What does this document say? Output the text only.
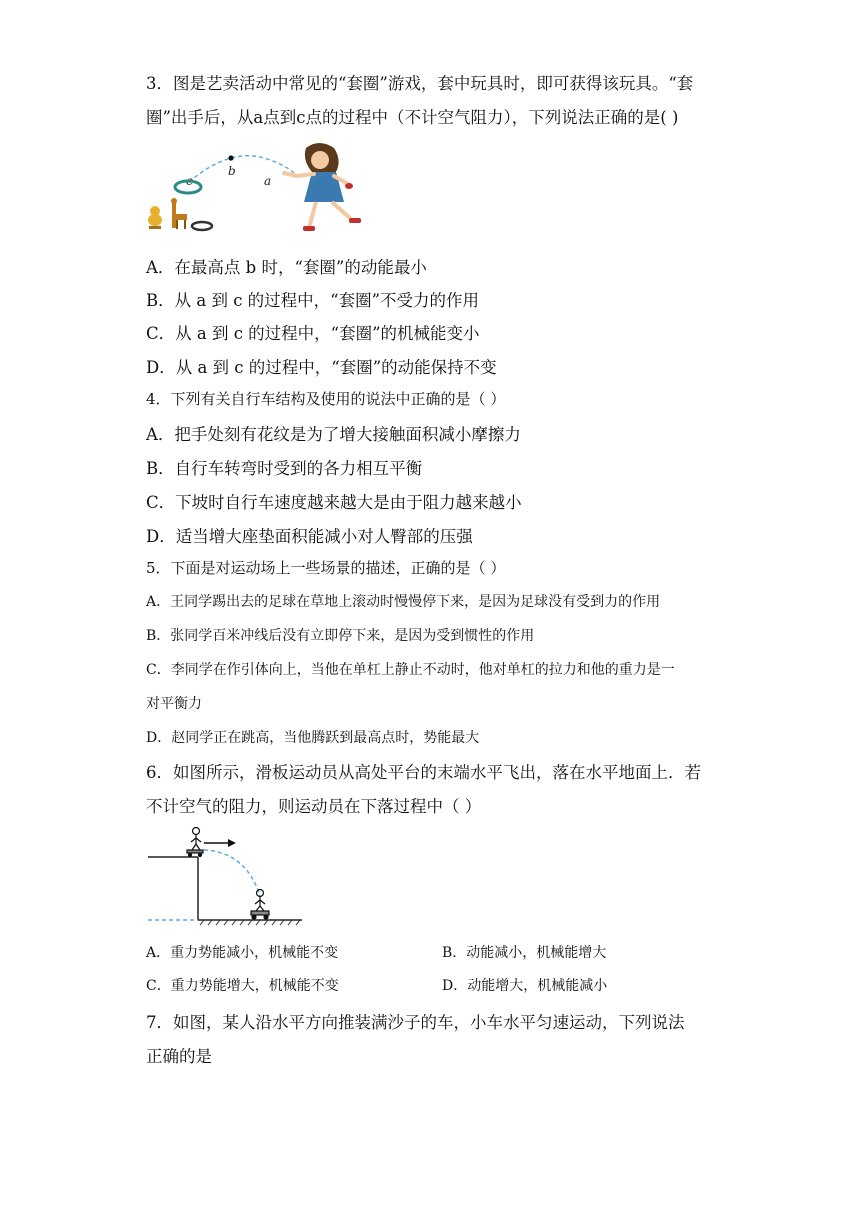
3．图是艺卖活动中常见的“套圈”游戏，套中玩具时，即可获得该玩具。“套
圈”出手后，从a点到c点的过程中（不计空气阻力），下列说法正确的是( )
b
a
c
A．在最高点 b 时，“套圈”的动能最小
B．从 a 到 c 的过程中，“套圈”不受力的作用
C．从 a 到 c 的过程中，“套圈”的机械能变小
D．从 a 到 c 的过程中，“套圈”的动能保持不变
4．下列有关自行车结构及使用的说法中正确的是（ ）
A．把手处刻有花纹是为了增大接触面积减小摩擦力
B．自行车转弯时受到的各力相互平衡
C．下坡时自行车速度越来越大是由于阻力越来越小
D．适当增大座垫面积能减小对人臀部的压强
5．下面是对运动场上一些场景的描述，正确的是（ ）
A．王同学踢出去的足球在草地上滚动时慢慢停下来，是因为足球没有受到力的作用
B．张同学百米冲线后没有立即停下来，是因为受到惯性的作用
C．李同学在作引体向上，当他在单杠上静止不动时，他对单杠的拉力和他的重力是一
对平衡力
D．赵同学正在跳高，当他腾跃到最高点时，势能最大
6．如图所示，滑板运动员从高处平台的末端水平飞出，落在水平地面上．若
不计空气的阻力，则运动员在下落过程中（ ）
A．重力势能减小，机械能不变	B．动能减小，机械能增大
C．重力势能增大，机械能不变	D．动能增大，机械能减小
7．如图，某人沿水平方向推装满沙子的车，小车水平匀速运动，下列说法
正确的是
